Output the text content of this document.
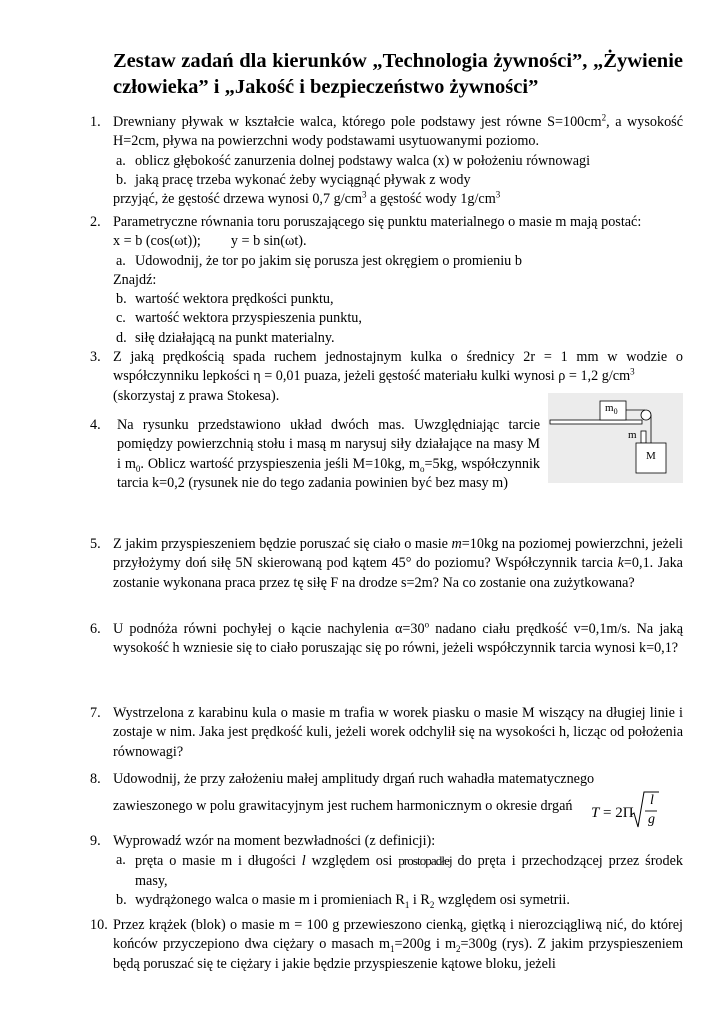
Zestaw zadań dla kierunków „Technologia żywności”, „Żywienie człowieka” i „Jakość i bezpieczeństwo żywności”
1. Drewniany pływak w kształcie walca, którego pole podstawy jest równe $S=100cm^2$, a wysokość H=2cm, pływa na powierzchni wody podstawami usytuowanymi poziomo.
a. oblicz głębokość zanurzenia dolnej podstawy walca (x) w położeniu równowagi
b. jaką pracę trzeba wykonać żeby wyciągnąć pływak z wody
przyjąć, że gęstość drzewa wynosi 0,7 $g/cm^3$ a gęstość wody $1g/cm^3$
2. Parametryczne równania toru poruszającego się punktu materialnego o masie m mają postać:
x = b (cos(ωt)); y = b sin(ωt).
a. Udowodnij, że tor po jakim się porusza jest okręgiem o promieniu b
Znajdź:
b. wartość wektora prędkości punktu,
c. wartość wektora przyspieszenia punktu,
d. siłę działającą na punkt materialny.
3. Z jaką prędkością spada ruchem jednostajnym kulka o średnicy 2r = 1 mm w wodzie o współczynniku lepkości η = 0,01 puaza, jeżeli gęstość materiału kulki wynosi ρ = 1,2 $g/cm^3$
(skorzystaj z prawa Stokesa).
4. Na rysunku przedstawiono układ dwóch mas. Uwzględniając tarcie pomiędzy powierzchnią stołu i masą m narysuj siły działające na masy M i $m_0$. Oblicz wartość przyspieszenia jeśli M=10kg, $m_o=5kg$, współczynnik tarcia k=0,2 (rysunek nie do tego zadania powinien być bez masy m)
$m_0$
m
M
5. Z jakim przyspieszeniem będzie poruszać się ciało o masie m=10kg na poziomej powierzchni, jeżeli przyłożymy doń siłę 5N skierowaną pod kątem 45° do poziomu? Współczynnik tarcia k=0,1. Jaka zostanie wykonana praca przez tę siłę F na drodze s=2m? Na co zostanie ona zużytkowana?
6. U podnóża równi pochyłej o kącie nachylenia $\alpha=30^o$ nadano ciału prędkość v=0,1m/s. Na jaką wysokość h wzniesie się to ciało poruszając się po równi, jeżeli współczynnik tarcia wynosi k=0,1?
7. Wystrzelona z karabinu kula o masie m trafia w worek piasku o masie M wiszący na długiej linie i zostaje w nim. Jaka jest prędkość kuli, jeżeli worek odchylił się na wysokości h, licząc od położenia równowagi?
8. Udowodnij, że przy założeniu małej amplitudy drgań ruch wahadła matematycznego
zawieszonego w polu grawitacyjnym jest ruchem harmonicznym o okresie drgań	T = 2Π
l
g
9. Wyprowadź wzór na moment bezwładności (z definicji):
a. pręta o masie m i długości l względem osi prostopadłej do pręta i przechodzącej przez środek masy,
b. wydrążonego walca o masie m i promieniach $R_1$ i $R_2$ względem osi symetrii.
10. Przez krążek (blok) o masie m = 100 g przewieszono cienką, giętką i nierozciągliwą nić, do której końców przyczepiono dwa ciężary o masach $m_1=200g$ i $m_2=300g$ (rys). Z jakim przyspieszeniem będą poruszać się te ciężary i jakie będzie przyspieszenie kątowe bloku, jeżeli
